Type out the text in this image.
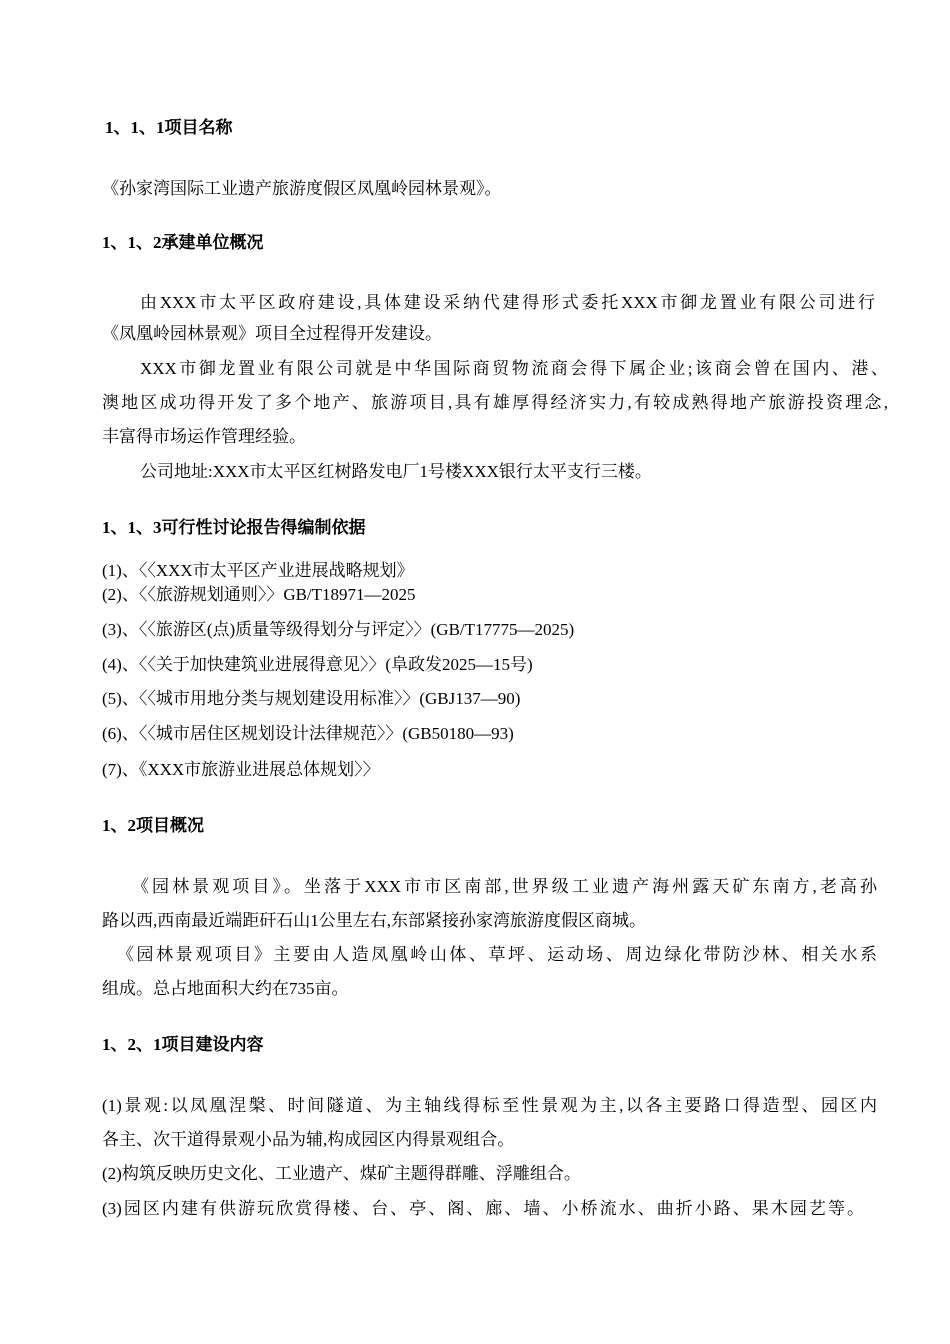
1、1、1项目名称
《孙家湾国际工业遗产旅游度假区凤凰岭园林景观》。
1、1、2承建单位概况
由XXX市太平区政府建设,具体建设采纳代建得形式委托XXX市御龙置业有限公司进行
《凤凰岭园林景观》项目全过程得开发建设。
XXX市御龙置业有限公司就是中华国际商贸物流商会得下属企业;该商会曾在国内、港、
澳地区成功得开发了多个地产、旅游项目,具有雄厚得经济实力,有较成熟得地产旅游投资理念,
丰富得市场运作管理经验。
公司地址:XXX市太平区红树路发电厂1号楼XXX银行太平支行三楼。
1、1、3可行性讨论报告得编制依据
(1)、〈〈XXX市太平区产业进展战略规划》
(2)、〈〈旅游规划通则〉〉GB/T18971—2025
(3)、〈〈旅游区(点)质量等级得划分与评定〉〉(GB/T17775—2025)
(4)、〈〈关于加快建筑业进展得意见〉〉(阜政发2025—15号)
(5)、〈〈城市用地分类与规划建设用标准〉〉(GBJ137—90)
(6)、〈〈城市居住区规划设计法律规范〉〉(GB50180—93)
(7)、《XXX市旅游业进展总体规划〉〉
1、2项目概况
《园林景观项目》。坐落于XXX市市区南部,世界级工业遗产海州露天矿东南方,老高孙
路以西,西南最近端距矸石山1公里左右,东部紧接孙家湾旅游度假区商城。
《园林景观项目》主要由人造凤凰岭山体、草坪、运动场、周边绿化带防沙林、相关水系
组成。总占地面积大约在735亩。
1、2、1项目建设内容
(1)景观:以凤凰涅槃、时间隧道、为主轴线得标至性景观为主,以各主要路口得造型、园区内
各主、次干道得景观小品为辅,构成园区内得景观组合。
(2)构筑反映历史文化、工业遗产、煤矿主题得群雕、浮雕组合。
(3)园区内建有供游玩欣赏得楼、台、亭、阁、廊、墙、小桥流水、曲折小路、果木园艺等。
